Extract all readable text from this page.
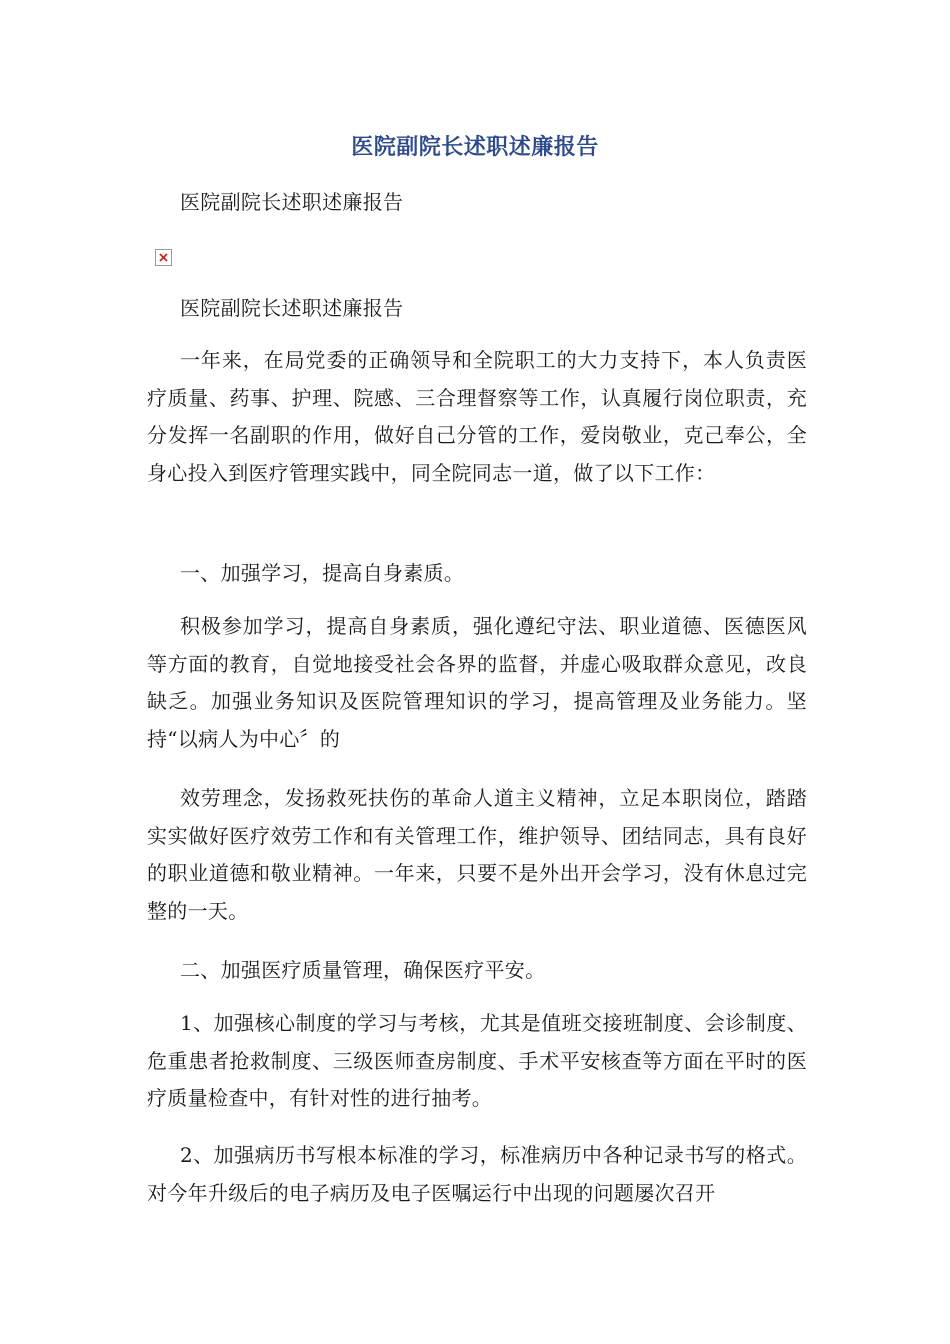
医院副院长述职述廉报告

医院副院长述职述廉报告

医院副院长述职述廉报告

一年来，在局党委的正确领导和全院职工的大力支持下，本人负责医疗质量、药事、护理、院感、三合理督察等工作，认真履行岗位职责，充分发挥一名副职的作用，做好自己分管的工作，爱岗敬业，克己奉公，全身心投入到医疗管理实践中，同全院同志一道，做了以下工作：

一、加强学习，提高自身素质。

积极参加学习，提高自身素质，强化遵纪守法、职业道德、医德医风等方面的教育，自觉地接受社会各界的监督，并虚心吸取群众意见，改良缺乏。加强业务知识及医院管理知识的学习，提高管理及业务能力。坚持“以病人为中心〞的

效劳理念，发扬救死扶伤的革命人道主义精神，立足本职岗位，踏踏实实做好医疗效劳工作和有关管理工作，维护领导、团结同志，具有良好的职业道德和敬业精神。一年来，只要不是外出开会学习，没有休息过完整的一天。

二、加强医疗质量管理，确保医疗平安。

1、加强核心制度的学习与考核，尤其是值班交接班制度、会诊制度、危重患者抢救制度、三级医师查房制度、手术平安核查等方面在平时的医疗质量检查中，有针对性的进行抽考。

2、加强病历书写根本标准的学习，标准病历中各种记录书写的格式。对今年升级后的电子病历及电子医嘱运行中出现的问题屡次召开
